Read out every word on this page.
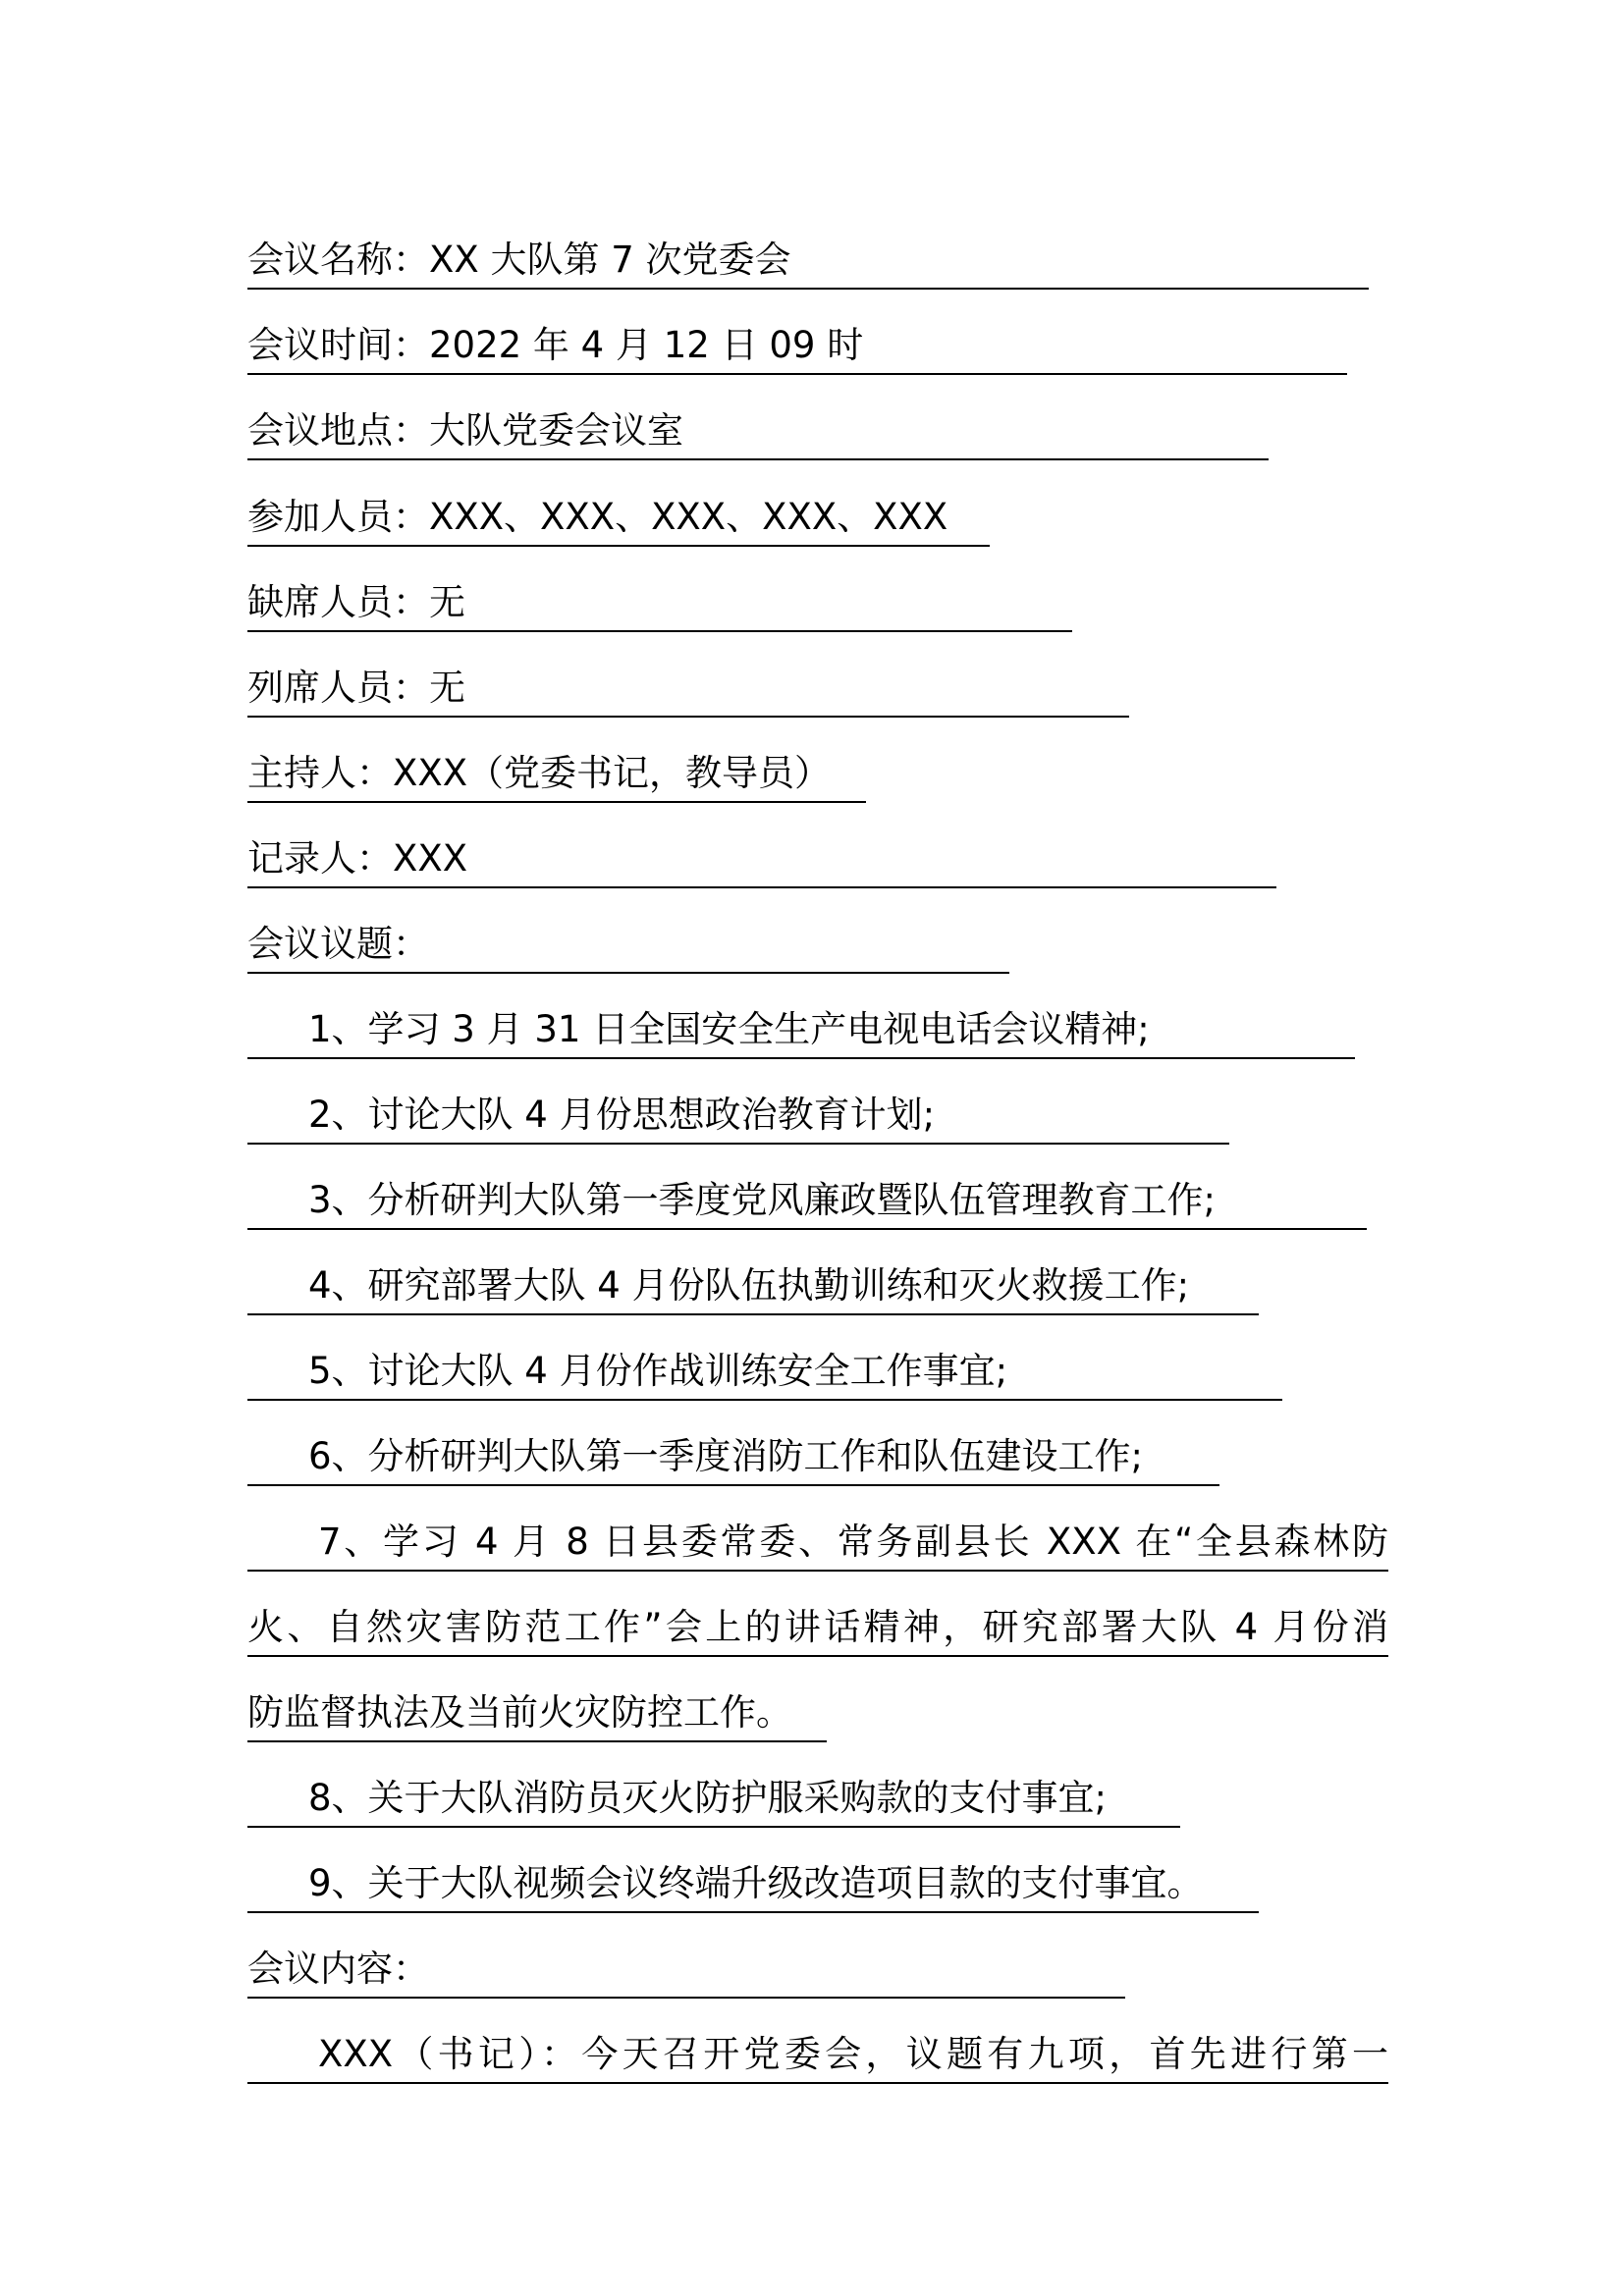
会议名称：XX 大队第 7 次党委会
会议时间：2022 年 4 月 12 日 09 时
会议地点：大队党委会议室
参加人员：XXX、XXX、XXX、XXX、XXX
缺席人员：无
列席人员：无
主持人：XXX（党委书记，教导员）
记录人：XXX
会议议题：
1、学习 3 月 31 日全国安全生产电视电话会议精神;
2、讨论大队 4 月份思想政治教育计划;
3、分析研判大队第一季度党风廉政暨队伍管理教育工作;
4、研究部署大队 4 月份队伍执勤训练和灭火救援工作;
5、讨论大队 4 月份作战训练安全工作事宜;
6、分析研判大队第一季度消防工作和队伍建设工作;
7、学习 4 月 8 日县委常委、常务副县长 XXX 在“全县森林防
火、自然灾害防范工作”会上的讲话精神，研究部署大队 4 月份消
防监督执法及当前火灾防控工作。
8、关于大队消防员灭火防护服采购款的支付事宜;
9、关于大队视频会议终端升级改造项目款的支付事宜。
会议内容：
XXX（书记）：今天召开党委会，议题有九项，首先进行第一
